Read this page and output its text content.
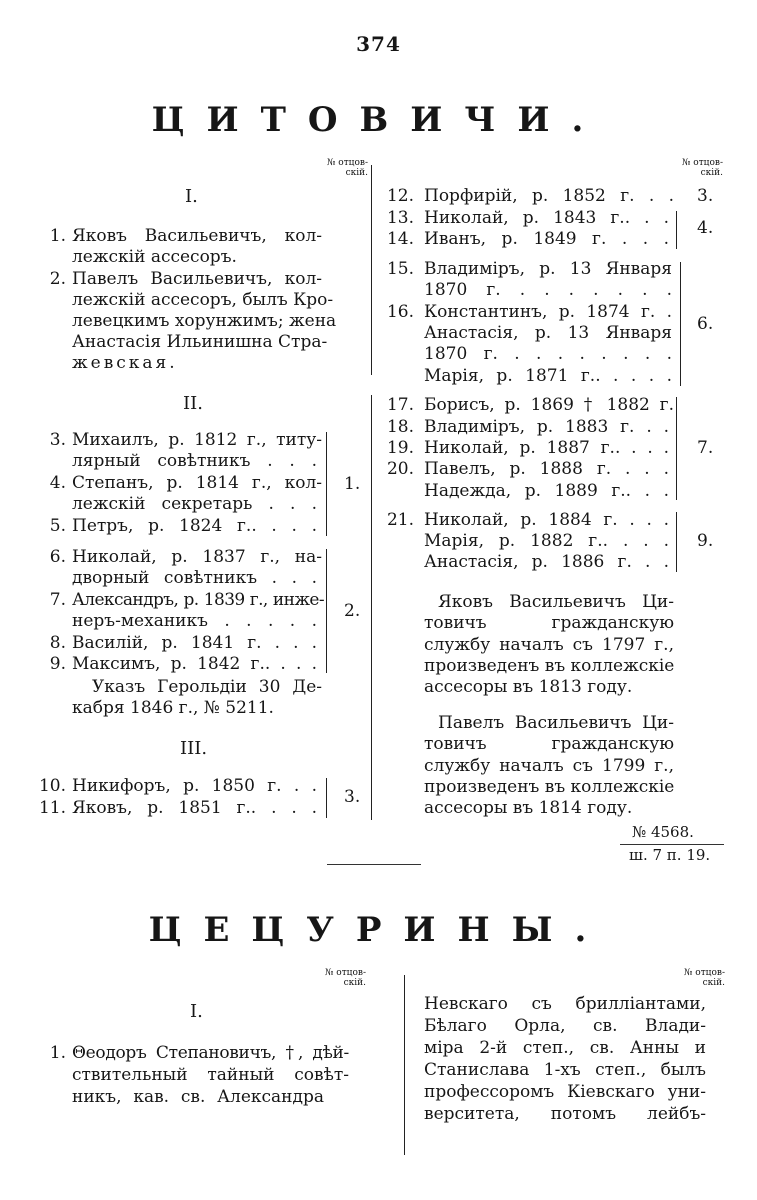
374
ЦИТОВИЧИ.
№ отцов-
скій.
№ отцов-
скій.
I.
1. Яковъ Васильевичъ, кол-
лежскій ассесоръ.
2. Павелъ Васильевичъ, кол-
лежскій ассесоръ, былъ Кро-
левецкимъ хорунжимъ; жена
Анастасія Ильинишна Стра-
жевская.
II.
3. Михаилъ, р. 1812 г., титу-
лярный совѣтникъ . . .
4. Степанъ, р. 1814 г., кол-
лежскій секретарь . . .
5. Петръ, р. 1824 г.. . . .
1.
6. Николай, р. 1837 г., на-
дворный совѣтникъ . . .
7. Александръ, р. 1839 г., инже-
неръ-механикъ . . . . .
8. Василій, р. 1841 г. . . .
9. Максимъ, р. 1842 г.. . . .
2.
Указъ Герольдіи 30 Де-
кабря 1846 г., № 5211.
III.
10. Никифоръ, р. 1850 г. . .
11. Яковъ, р. 1851 г.. . . .
3.
12. Порфирій, р. 1852 г. . . 3.
13. Николай, р. 1843 г.. . .
14. Иванъ, р. 1849 г. . . .
4.
15. Владиміръ, р. 13 Января
1870 г. . . . . . . .
16. Константинъ, р. 1874 г. .
Анастасія, р. 13 Января
1870 г. . . . . . . . .
Марія, р. 1871 г.. . . . .
6.
17. Борисъ, р. 1869 † 1882 г.
18. Владиміръ, р. 1883 г. . .
19. Николай, р. 1887 г.. . . .
20. Павелъ, р. 1888 г. . . .
Надежда, р. 1889 г.. . .
7.
21. Николай, р. 1884 г. . . .
Марія, р. 1882 г.. . . .
Анастасія, р. 1886 г. . .
9.
Яковъ Васильевичъ Ци-
товичъ гражданскую
службу началъ съ 1797 г.,
произведенъ въ коллежскіе
ассесоры въ 1813 году.
Павелъ Васильевичъ Ци-
товичъ гражданскую
службу началъ съ 1799 г.,
произведенъ въ коллежскіе
ассесоры въ 1814 году.
№ 4568.
ш. 7 п. 19.
ЦЕЦУРИНЫ.
№ отцов-
скій.
№ отцов-
скій.
I.
1. Θеодоръ Степановичъ, †, дѣй-
ствительный тайный совѣт-
никъ, кав. св. Александра
Невскаго съ бриллiантами,
Бѣлаго Орла, св. Влади-
міра 2-й степ., св. Анны и
Станислава 1-хъ степ., былъ
профессоромъ Кіевскаго уни-
верситета, потомъ лейбъ-
